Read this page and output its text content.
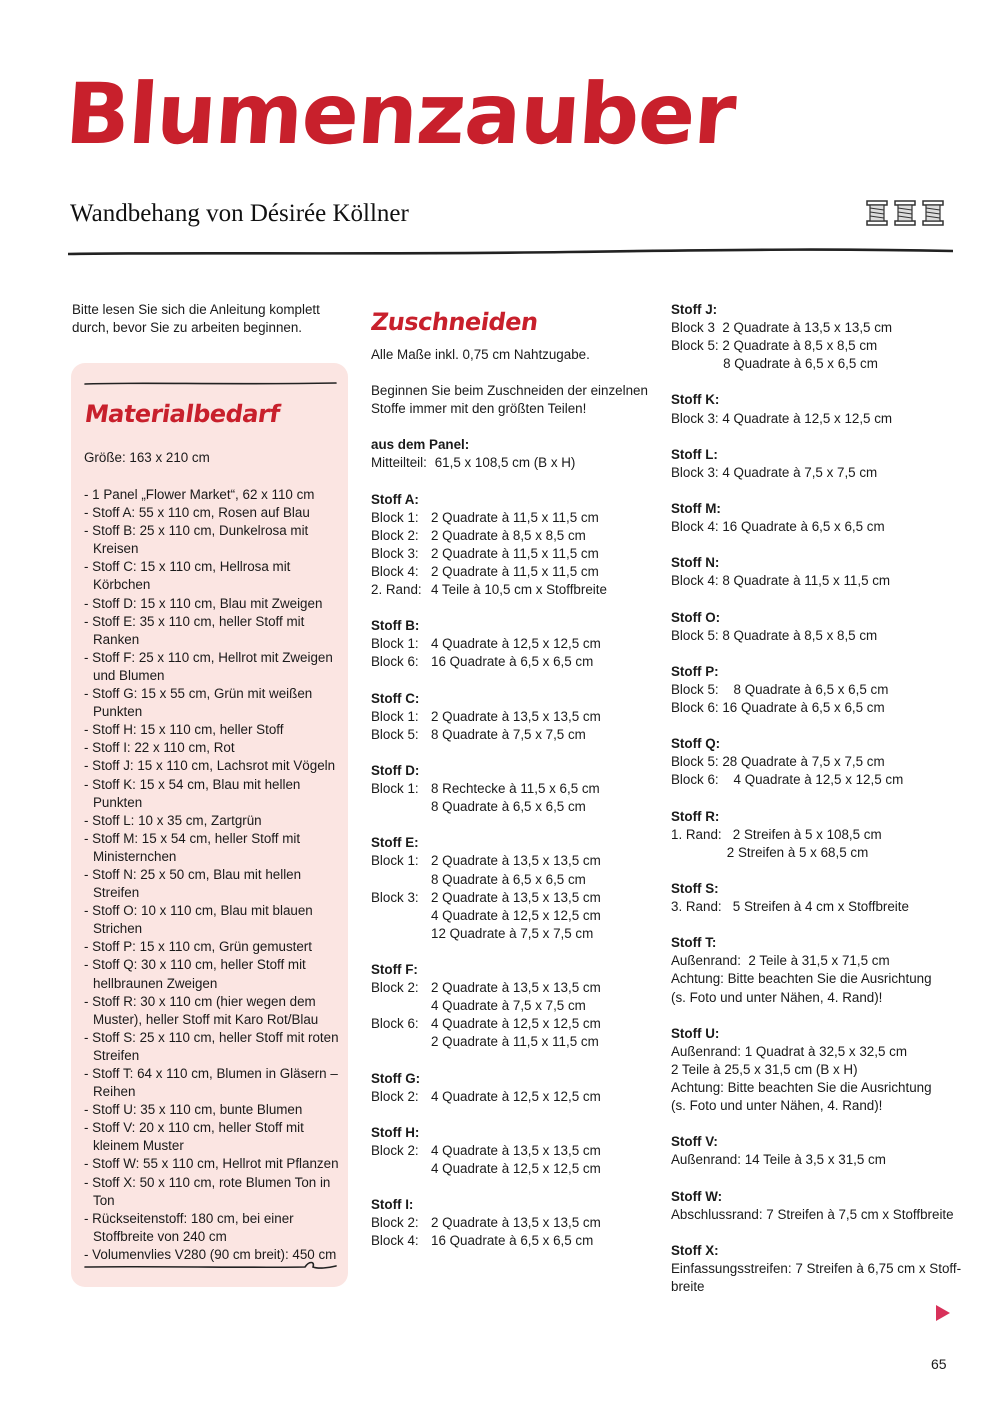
Blumenzauber
Wandbehang von Désirée Köllner
Bitte lesen Sie sich die Anleitung komplett durch, bevor Sie zu arbeiten beginnen.
Materialbedarf
Größe: 163 x 210 cm
- 1 Panel „Flower Market“, 62 x 110 cm
- Stoff A: 55 x 110 cm, Rosen auf Blau
- Stoff B: 25 x 110 cm, Dunkelrosa mit Kreisen
- Stoff C: 15 x 110 cm, Hellrosa mit Körbchen
- Stoff D: 15 x 110 cm, Blau mit Zweigen
- Stoff E: 35 x 110 cm, heller Stoff mit Ranken
- Stoff F: 25 x 110 cm, Hellrot mit Zweigen und Blumen
- Stoff G: 15 x 55 cm, Grün mit weißen Punkten
- Stoff H: 15 x 110 cm, heller Stoff
- Stoff I: 22 x 110 cm, Rot
- Stoff J: 15 x 110 cm, Lachsrot mit Vögeln
- Stoff K: 15 x 54 cm, Blau mit hellen Punkten
- Stoff L: 10 x 35 cm, Zartgrün
- Stoff M: 15 x 54 cm, heller Stoff mit Ministernchen
- Stoff N: 25 x 50 cm, Blau mit hellen Streifen
- Stoff O: 10 x 110 cm, Blau mit blauen Strichen
- Stoff P: 15 x 110 cm, Grün gemustert
- Stoff Q: 30 x 110 cm, heller Stoff mit hellbraunen Zweigen
- Stoff R: 30 x 110 cm (hier wegen dem Muster), heller Stoff mit Karo Rot/Blau
- Stoff S: 25 x 110 cm, heller Stoff mit roten Streifen
- Stoff T: 64 x 110 cm, Blumen in Gläsern – Reihen
- Stoff U: 35 x 110 cm, bunte Blumen
- Stoff V: 20 x 110 cm, heller Stoff mit kleinem Muster
- Stoff W: 55 x 110 cm, Hellrot mit Pflanzen
- Stoff X: 50 x 110 cm, rote Blumen Ton in Ton
- Rückseitenstoff: 180 cm, bei einer Stoffbreite von 240 cm
- Volumenvlies V280 (90 cm breit): 450 cm
Zuschneiden
Alle Maße inkl. 0,75 cm Nahtzugabe.
Beginnen Sie beim Zuschneiden der einzelnen Stoffe immer mit den größten Teilen!
aus dem Panel:
Mitteilteil: 61,5 x 108,5 cm (B x H)
Stoff A:
Block 1: 2 Quadrate à 11,5 x 11,5 cm
Block 2: 2 Quadrate à 8,5 x 8,5 cm
Block 3: 2 Quadrate à 11,5 x 11,5 cm
Block 4: 2 Quadrate à 11,5 x 11,5 cm
2. Rand: 4 Teile à 10,5 cm x Stoffbreite
Stoff B:
Block 1: 4 Quadrate à 12,5 x 12,5 cm
Block 6: 16 Quadrate à 6,5 x 6,5 cm
Stoff C:
Block 1: 2 Quadrate à 13,5 x 13,5 cm
Block 5: 8 Quadrate à 7,5 x 7,5 cm
Stoff D:
Block 1: 8 Rechtecke à 11,5 x 6,5 cm
8 Quadrate à 6,5 x 6,5 cm
Stoff E:
Block 1: 2 Quadrate à 13,5 x 13,5 cm
8 Quadrate à 6,5 x 6,5 cm
Block 3: 2 Quadrate à 13,5 x 13,5 cm
4 Quadrate à 12,5 x 12,5 cm
12 Quadrate à 7,5 x 7,5 cm
Stoff F:
Block 2: 2 Quadrate à 13,5 x 13,5 cm
4 Quadrate à 7,5 x 7,5 cm
Block 6: 4 Quadrate à 12,5 x 12,5 cm
2 Quadrate à 11,5 x 11,5 cm
Stoff G:
Block 2: 4 Quadrate à 12,5 x 12,5 cm
Stoff H:
Block 2: 4 Quadrate à 13,5 x 13,5 cm
4 Quadrate à 12,5 x 12,5 cm
Stoff I:
Block 2: 2 Quadrate à 13,5 x 13,5 cm
Block 4: 16 Quadrate à 6,5 x 6,5 cm
Stoff J:
Block 3 2 Quadrate à 13,5 x 13,5 cm
Block 5: 2 Quadrate à 8,5 x 8,5 cm
8 Quadrate à 6,5 x 6,5 cm
Stoff K:
Block 3: 4 Quadrate à 12,5 x 12,5 cm
Stoff L:
Block 3: 4 Quadrate à 7,5 x 7,5 cm
Stoff M:
Block 4: 16 Quadrate à 6,5 x 6,5 cm
Stoff N:
Block 4: 8 Quadrate à 11,5 x 11,5 cm
Stoff O:
Block 5: 8 Quadrate à 8,5 x 8,5 cm
Stoff P:
Block 5: 8 Quadrate à 6,5 x 6,5 cm
Block 6: 16 Quadrate à 6,5 x 6,5 cm
Stoff Q:
Block 5: 28 Quadrate à 7,5 x 7,5 cm
Block 6: 4 Quadrate à 12,5 x 12,5 cm
Stoff R:
1. Rand: 2 Streifen à 5 x 108,5 cm
2 Streifen à 5 x 68,5 cm
Stoff S:
3. Rand: 5 Streifen à 4 cm x Stoffbreite
Stoff T:
Außenrand: 2 Teile à 31,5 x 71,5 cm
Achtung: Bitte beachten Sie die Ausrichtung
(s. Foto und unter Nähen, 4. Rand)!
Stoff U:
Außenrand: 1 Quadrat à 32,5 x 32,5 cm
2 Teile à 25,5 x 31,5 cm (B x H)
Achtung: Bitte beachten Sie die Ausrichtung
(s. Foto und unter Nähen, 4. Rand)!
Stoff V:
Außenrand: 14 Teile à 3,5 x 31,5 cm
Stoff W:
Abschlussrand: 7 Streifen à 7,5 cm x Stoffbreite
Stoff X:
Einfassungsstreifen: 7 Streifen à 6,75 cm x Stoff-
breite
65
